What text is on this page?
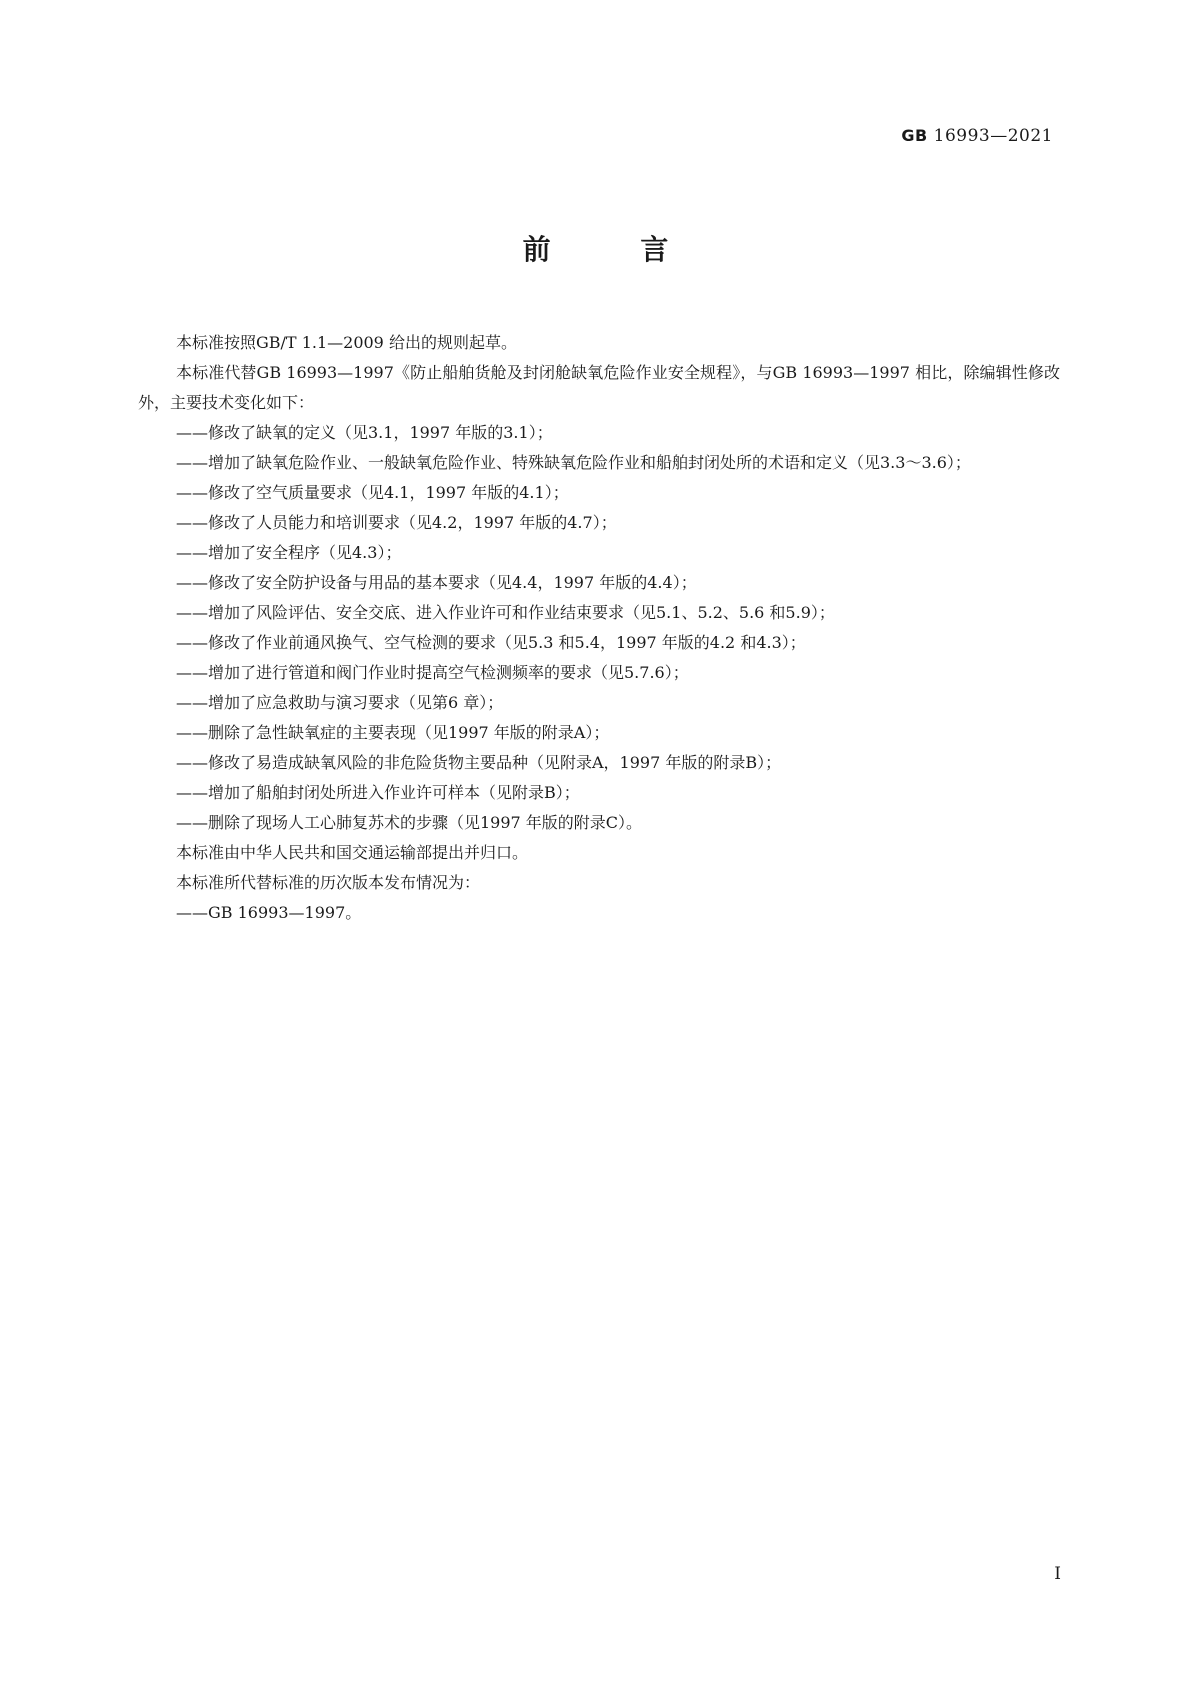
GB 16993—2021
前 言
本标准按照GB/T 1.1—2009 给出的规则起草。
本标准代替GB 16993—1997《防止船舶货舱及封闭舱缺氧危险作业安全规程》，与GB 16993—1997 相比，除编辑性修改外，主要技术变化如下：
——修改了缺氧的定义（见3.1，1997 年版的3.1）；
——增加了缺氧危险作业、一般缺氧危险作业、特殊缺氧危险作业和船舶封闭处所的术语和定义（见3.3～3.6）；
——修改了空气质量要求（见4.1，1997 年版的4.1）；
——修改了人员能力和培训要求（见4.2，1997 年版的4.7）；
——增加了安全程序（见4.3）；
——修改了安全防护设备与用品的基本要求（见4.4，1997 年版的4.4）；
——增加了风险评估、安全交底、进入作业许可和作业结束要求（见5.1、5.2、5.6 和5.9）；
——修改了作业前通风换气、空气检测的要求（见5.3 和5.4，1997 年版的4.2 和4.3）；
——增加了进行管道和阀门作业时提高空气检测频率的要求（见5.7.6）；
——增加了应急救助与演习要求（见第6 章）；
——删除了急性缺氧症的主要表现（见1997 年版的附录A）；
——修改了易造成缺氧风险的非危险货物主要品种（见附录A，1997 年版的附录B）；
——增加了船舶封闭处所进入作业许可样本（见附录B）；
——删除了现场人工心肺复苏术的步骤（见1997 年版的附录C）。
本标准由中华人民共和国交通运输部提出并归口。
本标准所代替标准的历次版本发布情况为：
——GB 16993—1997。
I
